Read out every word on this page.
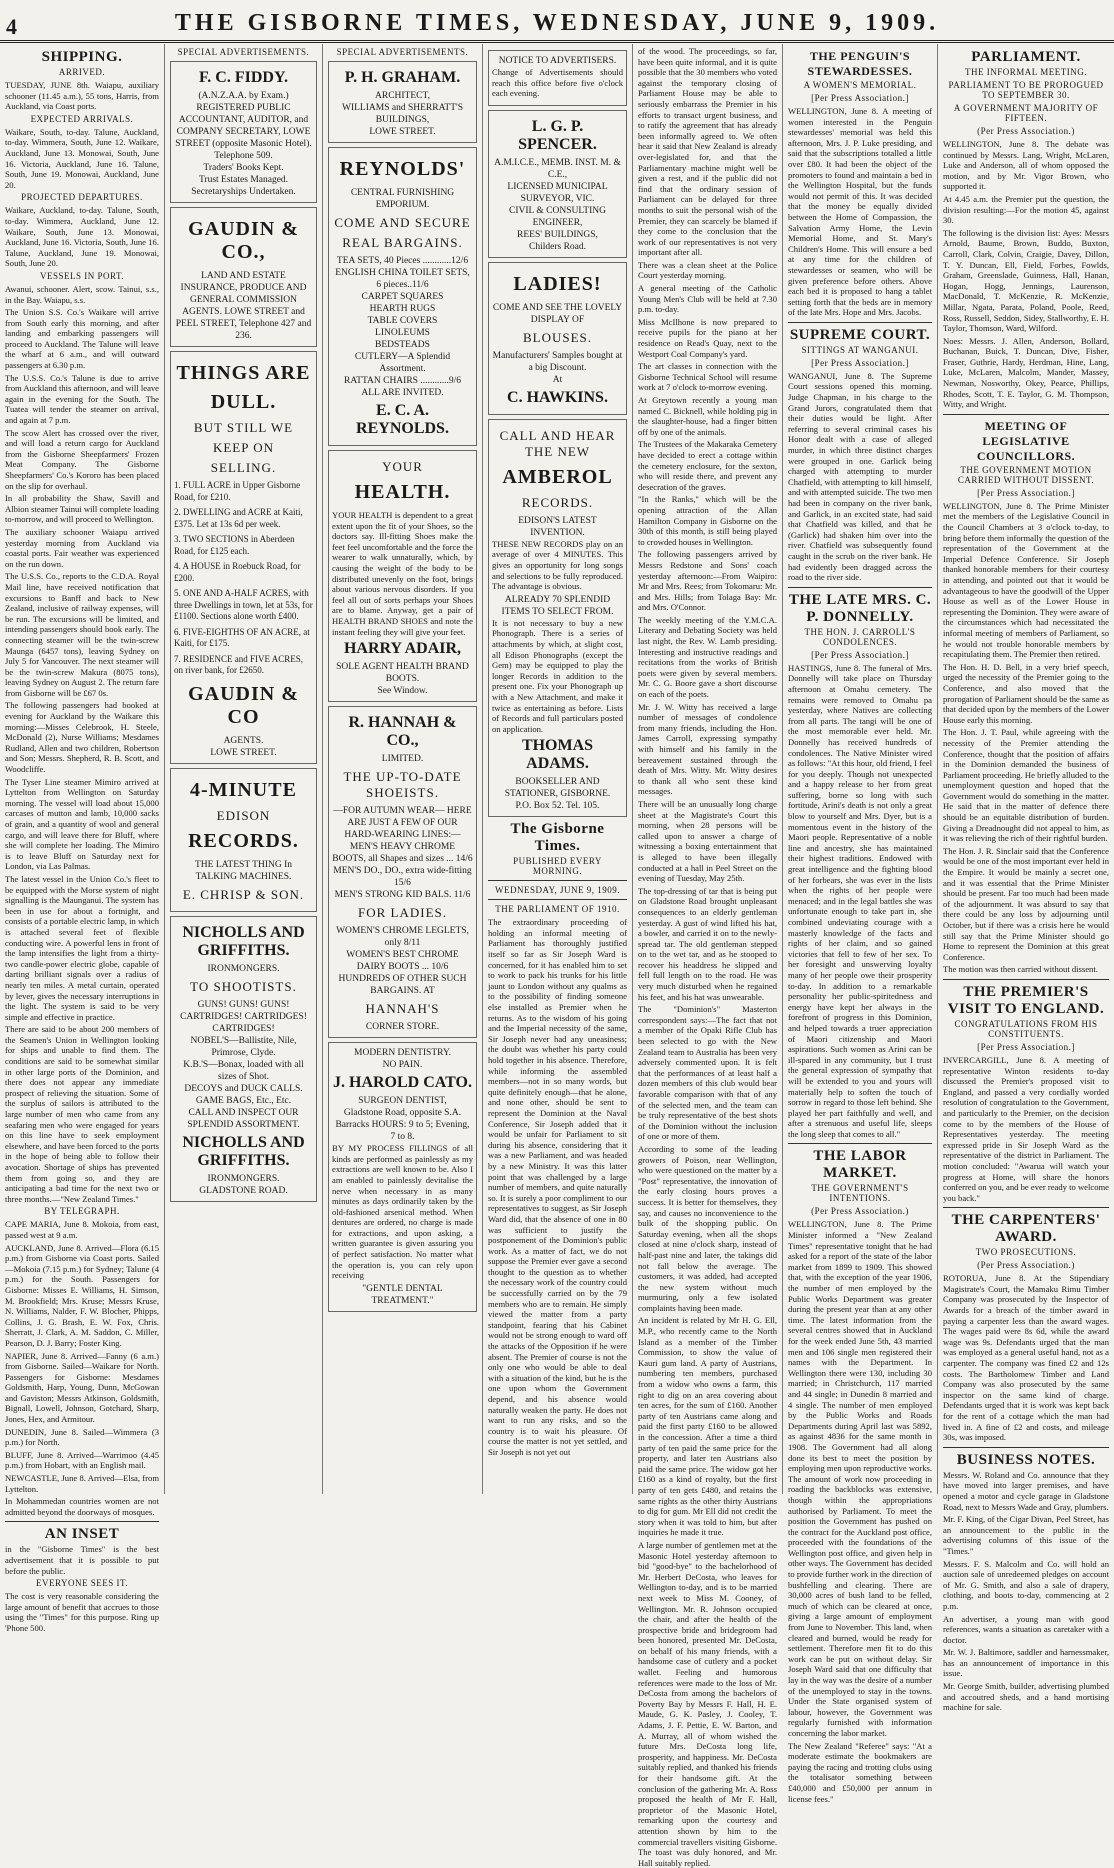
4	THE GISBORNE TIMES, WEDNESDAY, JUNE 9, 1909.
SHIPPING.
ARRIVED.

TUESDAY, JUNE 8th. Waiapu, auxiliary schooner (11.45 a.m.), 55 tons, Harris, from Auckland, via Coast ports.

EXPECTED ARRIVALS.

Waikare, South, to-day. Talune, Auckland, to-day. Wimmera, South, June 12. Waikare, Auckland, June 13. Monowai, South, June 16. Victoria, Auckland, June 16. Talune, South, June 19. Monowai, Auckland, June 20.

PROJECTED DEPARTURES.

Waikare, Auckland, to-day. Talune, South, to-day. Wimmera, Auckland, June 12. Waikare, South, June 13. Monowai, Auckland, June 16. Victoria, South, June 16. Talune, Auckland, June 19. Monowai, South, June 20.

VESSELS IN PORT.

Awanui, schooner. Alert, scow. Tainui, s.s., in the Bay. Waiapu, s.s.

The Union S.S. Co.'s Waikare will arrive from South early this morning, and after landing and embarking passengers will proceed to Auckland. The Talune will leave the wharf at 6 a.m., and will outward passengers at 6.30 p.m.

The U.S.S. Co.'s Talune is due to arrive from Auckland this afternoon, and will leave again in the evening for the South. The Tuatea will tender the steamer on arrival, and again at 7 p.m.

The scow Alert has crossed over the river, and will load a return cargo for Auckland from the Gisborne Sheepfarmers' Frozen Meat Company. The Gisborne Sheepfarmers' Co.'s Kororo has been placed on the slip for overhaul.

In all probability the Shaw, Savill and Albion steamer Tainui will complete loading to-morrow, and will proceed to Wellington.

The auxiliary schooner Waiapu arrived yesterday morning from Auckland via coastal ports. Fair weather was experienced on the run down.

The U.S.S. Co., reports to the C.D.A. Royal Mail line, have received notification that excursions to Banff and back to New Zealand, inclusive of railway expenses, will be run. The excursions will be limited, and intending passengers should book early. The connecting steamer will be the twin-screw Maunga (6457 tons), leaving Sydney on July 5 for Vancouver. The next steamer will be the twin-screw Makura (8075 tons), leaving Sydney on August 2. The return fare from Gisborne will be £67 0s.

The following passengers had booked at evening for Auckland by the Waikare this morning:—Misses Celebrook, H. Steele, McDonald (2), Nurse Williams; Mesdames Rudland, Allen and two children, Robertson and Son; Messrs. Shepherd, R. B. Scott, and Woodcliffe.

The Tyser Line steamer Mimiro arrived at Lyttelton from Wellington on Saturday morning. The vessel will load about 15,000 carcases of mutton and lamb, 10,000 sacks of grain, and a quantity of wool and general cargo, and will leave there for Bluff, where she will complete her loading. The Mimiro is to leave Bluff on Saturday next for London, via Las Palmas.

The latest vessel in the Union Co.'s fleet to be equipped with the Morse system of night signalling is the Maunganui. The system has been in use for about a fortnight, and consists of a portable electric lamp, in which is attached several feet of flexible conducting wire. A powerful lens in front of the lamp intensifies the light from a thirty-two candle-power electric globe, capable of darting brilliant signals over a radius of nearly ten miles. A metal curtain, operated by lever, gives the necessary interruptions in the light. The system is said to be very simple and effective in practice.

There are said to be about 200 members of the Seamen's Union in Wellington looking for ships and unable to find them. The conditions are said to be somewhat similar in other large ports of the Dominion, and there does not appear any immediate prospect of relieving the situation. Some of the surplus of sailors is attributed to the large number of men who came from any seafaring men who were engaged for years on this line have to seek employment elsewhere, and have been forced to the ports in the hope of being able to follow their avocation. Shortage of ships has prevented them from going so, and they are anticipating a bad time for the next two or three months.—"New Zealand Times."

BY TELEGRAPH.

CAPE MARIA, June 8. Mokoia, from east, passed west at 9 a.m.

AUCKLAND, June 8. Arrived—Flora (6.15 p.m.) from Gisborne via Coast ports. Sailed—Mokoia (7.15 p.m.) for Sydney; Talune (4 p.m.) for the South. Passengers for Gisborne: Misses E. Williams, H. Simson, M. Brookfield; Mrs. Kruse; Messrs Kruse, N. Williams, Nalder, F. W. Blocher, Phipps, Collins, J. G. Brash, E. W. Fox, Chris. Sherratt, J. Clark, A. M. Saddon, C. Miller, Pearson, D. J. Barry; Foster King.

NAPIER, June 8. Arrived—Fanny (6 a.m.) from Gisborne. Sailed—Waikare for North. Passengers for Gisborne: Mesdames Goldsmith, Harp, Young, Dunn, McGowan and Gaviston; Messrs Atkinson, Goldsmith, Bignall, Lowell, Johnson, Gotchard, Sharp, Jones, Hex, and Armitour.

DUNEDIN, June 8. Sailed—Wimmera (3 p.m.) for North.

BLUFF, June 8. Arrived—Warrimoo (4.45 p.m.) from Hobart, with an English mail.

NEWCASTLE, June 8. Arrived—Elsa, from Lyttelton.

In Mohammedan countries women are not admitted beyond the doorways of mosques.

AN INSET

in the "Gisborne Times" is the best advertisement that it is possible to put before the public.

EVERYONE SEES IT.

The cost is very reasonable considering the large amount of benefit that accrues to those using the "Times" for this purpose. Ring up 'Phone 500.

SPECIAL ADVERTISEMENTS.
F. C. FIDDY.
(A.N.Z.A.A. by Exam.)
REGISTERED PUBLIC ACCOUNTANT, AUDITOR, and COMPANY SECRETARY, LOWE STREET (opposite Masonic Hotel). Telephone 509.
Traders' Books Kept.
Trust Estates Managed.
Secretaryships Undertaken.
GAUDIN & CO.,
LAND AND ESTATE INSURANCE, PRODUCE AND GENERAL COMMISSION AGENTS. LOWE STREET and PEEL STREET, Telephone 427 and 236.
THINGS ARE
DULL.
BUT STILL WE
KEEP ON
SELLING.
1. FULL ACRE in Upper Gisborne Road, for £210.
2. DWELLING and ACRE at Kaiti, £375. Let at 13s 6d per week.
3. TWO SECTIONS in Aberdeen Road, for £125 each.
4. A HOUSE in Roebuck Road, for £200.
5. ONE AND A-HALF ACRES, with three Dwellings in town, let at 53s, for £1100. Sections alone worth £400.
6. FIVE-EIGHTHS OF AN ACRE, at Kaiti, for £175.
7. RESIDENCE and FIVE ACRES, on river bank, for £2650.
GAUDIN & CO
AGENTS.
LOWE STREET.
4-MINUTE
EDISON
RECORDS.
THE LATEST THING In TALKING MACHINES.
E. CHRISP & SON.
NICHOLLS AND GRIFFITHS.
IRONMONGERS.
TO SHOOTISTS.
GUNS! GUNS! GUNS!
CARTRIDGES! CARTRIDGES! CARTRIDGES!
NOBEL'S—Ballistite, Nile, Primrose, Clyde.
K.B.'S—Bonax, loaded with all sizes of Shot.
DECOYS and DUCK CALLS.
GAME BAGS, Etc., Etc.
CALL AND INSPECT OUR SPLENDID ASSORTMENT.
NICHOLLS AND GRIFFITHS.
IRONMONGERS.
GLADSTONE ROAD.
SPECIAL ADVERTISEMENTS.
P. H. GRAHAM.
ARCHITECT,
WILLIAMS and SHERRATT'S BUILDINGS,
LOWE STREET.
REYNOLDS'
CENTRAL FURNISHING EMPORIUM.
COME AND SECURE
REAL BARGAINS.
TEA SETS, 40 Pieces ............12/6
ENGLISH CHINA TOILET SETS, 6 pieces..11/6
CARPET SQUARES
HEARTH RUGS
TABLE COVERS
LINOLEUMS
BEDSTEADS
CUTLERY—A Splendid Assortment.
RATTAN CHAIRS ............9/6
ALL ARE INVITED.
E. C. A. REYNOLDS.
YOUR
HEALTH.

YOUR HEALTH is dependent to a great extent upon the fit of your Shoes, so the doctors say. Ill-fitting Shoes make the feet feel uncomfortable and the force the wearer to walk unnaturally, which, by causing the weight of the body to be distributed unevenly on the foot, brings about various nervous disorders. If you feel all out of sorts perhaps your Shoes are to blame. Anyway, get a pair of HEALTH BRAND SHOES and note the instant feeling they will give your feet.

HARRY ADAIR,
SOLE AGENT HEALTH BRAND BOOTS.
See Window.
R. HANNAH & CO.,
LIMITED.
THE UP-TO-DATE SHOEISTS.
—FOR AUTUMN WEAR— HERE ARE JUST A FEW OF OUR HARD-WEARING LINES:—
MEN'S HEAVY CHROME BOOTS, all Shapes and sizes ... 14/6
MEN'S DO., DO., extra wide-fitting 15/6
MEN'S STRONG KID BALS. 11/6
FOR LADIES.
WOMEN'S CHROME LEGLETS, only 8/11
WOMEN'S BEST CHROME DAIRY BOOTS ... 10/6
HUNDREDS OF OTHER SUCH BARGAINS. AT
HANNAH'S
CORNER STORE.
MODERN DENTISTRY.
NO PAIN.
J. HAROLD CATO.
SURGEON DENTIST,
Gladstone Road, opposite S.A. Barracks HOURS: 9 to 5; Evening, 7 to 8.

BY MY PROCESS FILLINGS of all kinds are performed as painlessly as my extractions are well known to be. Also I am enabled to painlessly devitalise the nerve when necessary in as many minutes as days ordinarily taken by the old-fashioned arsenical method. When dentures are ordered, no charge is made for extractions, and upon asking, a written guarantee is given assuring you of perfect satisfaction. No matter what the operation is, you can rely upon receiving

"GENTLE DENTAL TREATMENT."
NOTICE TO ADVERTISERS.

Change of Advertisements should reach this office before five o'clock each evening.

L. G. P. SPENCER.
A.M.I.C.E., MEMB. INST. M. & C.E.,
LICENSED MUNICIPAL SURVEYOR, VIC.
CIVIL & CONSULTING ENGINEER,
REES' BUILDINGS,
Childers Road.
LADIES!
COME AND SEE THE LOVELY DISPLAY OF
BLOUSES.
Manufacturers' Samples bought at a big Discount.
At
C. HAWKINS.
CALL AND HEAR THE NEW
AMBEROL
RECORDS.
EDISON'S LATEST INVENTION.

THESE NEW RECORDS play on an average of over 4 MINUTES. This gives an opportunity for long songs and selections to be fully reproduced. The advantage is obvious.

ALREADY 70 SPLENDID ITEMS TO SELECT FROM.

It is not necessary to buy a new Phonograph. There is a series of attachments by which, at slight cost, all Edison Phonographs (except the Gem) may be equipped to play the longer Records in addition to the present one. Fix your Phonograph up with a New Attachment, and make it twice as entertaining as before. Lists of Records and full particulars posted on application.

THOMAS ADAMS.
BOOKSELLER AND STATIONER, GISBORNE.
P.O. Box 52. Tel. 105.
The Gisborne Times.
PUBLISHED EVERY MORNING.
WEDNESDAY, JUNE 9, 1909.
THE PARLIAMENT OF 1910.

The extraordinary proceeding of holding an informal meeting of Parliament has thoroughly justified itself so far as Sir Joseph Ward is concerned, for it has enabled him to set to work to pack his trunks for his little jaunt to London without any qualms as to the possibility of finding someone else installed as Premier when he returns. As to the wisdom of his going and the Imperial necessity of the same, Sir Joseph never had any uneasiness; the doubt was whether his party could hold together in his absence. Therefore, while informing the assembled members—not in so many words, but quite definitely enough—that he alone, and none other, should be sent to represent the Dominion at the Naval Conference, Sir Joseph added that it would be unfair for Parliament to sit during his absence, considering that it was a new Parliament, and was headed by a new Ministry. It was this latter point that was challenged by a large number of members, and quite naturally so. It is surely a poor compliment to our representatives to suggest, as Sir Joseph Ward did, that the absence of one in 80 was sufficient to justify the postponement of the Dominion's public work. As a matter of fact, we do not suppose the Premier ever gave a second thought to the question as to whether the necessary work of the country could be successfully carried on by the 79 members who are to remain. He simply viewed the matter from a party standpoint, fearing that his Cabinet would not be strong enough to ward off the attacks of the Opposition if he were absent. The Premier of course is not the only one who would be able to deal with a situation of the kind, but he is the one upon whom the Government depend, and his absence would naturally weaken the party. He does not want to run any risks, and so the country is to wait his pleasure. Of course the matter is not yet settled, and Sir Joseph is not yet out

of the wood. The proceedings, so far, have been quite informal, and it is quite possible that the 30 members who voted against the temporary closing of Parliament House may be able to seriously embarrass the Premier in his efforts to transact urgent business, and to ratify the agreement that has already been informally agreed to. We often hear it said that New Zealand is already over-legislated for, and that the Parliamentary machine might well be given a rest, and if the public did not find that the ordinary session of Parliament can be delayed for three months to suit the personal wish of the Premier, they can scarcely be blamed if they come to the conclusion that the work of our representatives is not very important after all.

There was a clean sheet at the Police Court yesterday morning.

A general meeting of the Catholic Young Men's Club will be held at 7.30 p.m. to-day.

Miss McIlhone is now prepared to receive pupils for the piano at her residence on Read's Quay, next to the Westport Coal Company's yard.

The art classes in connection with the Gisborne Technical School will resume work at 7 o'clock to-morrow evening.

At Greytown recently a young man named C. Bicknell, while holding pig in the slaughter-house, had a finger bitten off by one of the animals.

The Trustees of the Makaraka Cemetery have decided to erect a cottage within the cemetery enclosure, for the sexton, who will reside there, and prevent any desecration of the graves.

"In the Ranks," which will be the opening attraction of the Allan Hamilton Company in Gisborne on the 30th of this month, is still being played to crowded houses in Wellington.

The following passengers arrived by Messrs Redstone and Sons' coach yesterday afternoon:—From Waipiro: Mr and Mrs. Rees; from Tokomaru: Mr. and Mrs. Hills; from Tolaga Bay: Mr. and Mrs. O'Connor.

The weekly meeting of the Y.M.C.A. Literary and Debating Society was held last night, the Rev. W. Lamb presiding. Interesting and instructive readings and recitations from the works of British poets were given by several members. Mr. C. G. Boore gave a short discourse on each of the poets.

Mr. J. W. Witty has received a large number of messages of condolence from many friends, including the Hon. James Carroll, expressing sympathy with himself and his family in the bereavement sustained through the death of Mrs. Witty. Mr. Witty desires to thank all who sent these kind messages.

There will be an unusually long charge sheet at the Magistrate's Court this morning, when 28 persons will be called upon to answer a charge of witnessing a boxing entertainment that is alleged to have been illegally conducted at a hall in Peel Street on the evening of Tuesday, May 25th.

The top-dressing of tar that is being put on Gladstone Road brought unpleasant consequences to an elderly gentleman yesterday. A gust of wind lifted his hat, a bowler, and carried it on to the newly-spread tar. The old gentleman stepped on to the wet tar, and as he stooped to recover his headdress he slipped and fell full length on to the road. He was very much disturbed when he regained his feet, and his hat was unwearable.

The "Dominion's" Masterton correspondent says:—The fact that not a member of the Opaki Rifle Club has been selected to go with the New Zealand team to Australia has been very adversely commented upon. It is felt that the performances of at least half a dozen members of this club would bear favorable comparison with that of any of the selected men, and the team can be truly representative of the best shots of the Dominion without the inclusion of one or more of them.

According to some of the leading growers of Poison, near Wellington, who were questioned on the matter by a "Post" representative, the innovation of the early closing hours proves a success. It is better for themselves, they say, and causes no inconvenience to the bulk of the shopping public. On Saturday evening, when all the shops closed at nine o'clock sharp, instead of half-past nine and later, the takings did not fall below the average. The customers, it was added, had accepted the new system without much murmuring, only a few isolated complaints having been made.

An incident is related by Mr H. G. Ell, M.P., who recently came to the North Island as a member of the Timber Commission, to show the value of Kauri gum land. A party of Austrians, numbering ten members, purchased from a widow who owns a farm, this right to dig on an area covering about ten acres, for the sum of £160. Another party of ten Austrians came along and paid the first party £160 to be allowed in the concession. After a time a third party of ten paid the same price for the property, and later ten Austrians also paid the same price. The widow got her £160 as a kind of royalty, but the first party of ten gets £480, and retains the same rights as the other thirty Austrians to dig for gum. Mr Ell did not credit the story when it was told to him, but after inquiries he made it true.

A large number of gentlemen met at the Masonic Hotel yesterday afternoon to bid "good-bye" to the bachelorhood of Mr. Herbert DeCosta, who leaves for Wellington to-day, and is to be married next week to Miss M. Cooney, of Wellington. Mr. R. Johnson occupied the chair, and after the health of the prospective bride and bridegroom had been honored, presented Mr. DeCosta, on behalf of his many friends, with a handsome case of cutlery and a pocket wallet. Feeling and humorous references were made to the loss of Mr. DeCosta from among the bachelors of Poverty Bay by Messrs F. Hall, H. E. Maude, G. K. Pasley, J. Cooley, T. Adams, J. F. Pettie, E. W. Barton, and A. Murray, all of whom wished the future Mrs. DeCosta long life, prosperity, and happiness. Mr. DeCosta suitably replied, and thanked his friends for their handsome gift. At the conclusion of the gathering Mr. A. Ross proposed the health of Mr F. Hall, proprietor of the Masonic Hotel, remarking upon the courtesy and attention shown by him to the commercial travellers visiting Gisborne. The toast was duly honored, and Mr. Hall suitably replied.

THE PENGUIN'S STEWARDESSES.
A WOMEN'S MEMORIAL.
[Per Press Association.]

WELLINGTON, June 8. A meeting of women interested in the Penguin stewardesses' memorial was held this afternoon, Mrs. J. P. Luke presiding, and said that the subscriptions totalled a little over £80. It had been the object of the promoters to found and maintain a bed in the Wellington Hospital, but the funds would not permit of this. It was decided that the money be equally divided between the Home of Compassion, the Salvation Army Home, the Levin Memorial Home, and St. Mary's Children's Home. This will ensure a bed at any time for the children of stewardesses or seamen, who will be given preference before others. Above each bed it is proposed to hang a tablet setting forth that the beds are in memory of the late Mrs. Hope and Mrs. Jacobs.

SUPREME COURT.
SITTINGS AT WANGANUI.
[Per Press Association.]

WANGANUI, June 8. The Supreme Court sessions opened this morning. Judge Chapman, in his charge to the Grand Jurors, congratulated them that their duties would be light. After referring to several criminal cases his Honor dealt with a case of alleged murder, in which three distinct charges were grouped in one. Garlick being charged with attempting to murder Chatfield, with attempting to kill himself, and with attempted suicide. The two men had been in company on the river bank, and Garlick, in an excited state, had said that Chatfield was killed, and that he (Garlick) had shaken him over into the river. Chatfield was subsequently found caught in the scrub on the river bank. He had evidently been dragged across the road to the river side.

THE LATE MRS. C. P. DONNELLY.
THE HON. J. CARROLL'S CONDOLENCES.
[Per Press Association.]

HASTINGS, June 8. The funeral of Mrs. Donnelly will take place on Thursday afternoon at Omahu cemetery. The remains were removed to Omahu pa yesterday, where Natives are collecting from all parts. The tangi will be one of the most memorable ever held. Mr. Donnelly has received hundreds of condolences. The Native Minister wired as follows: "At this hour, old friend, I feel for you deeply. Though not unexpected and a happy release to her from great suffering, borne so long with such fortitude, Arini's death is not only a great blow to yourself and Mrs. Dyer, but is a momentous event in the history of the Maori people. Representative of a noble line and ancestry, she has maintained their highest traditions. Endowed with great intelligence and the fighting blood of her forbears, she was ever in the lists when the rights of her people were menaced; and in the legal battles she was unfortunate enough to take part in, she combined undeviating courage with a masterly knowledge of the facts and rights of her claim, and so gained victories that fell to few of her sex. To her foresight and unswerving loyalty many of her people owe their prosperity to-day. In addition to a remarkable personality her public-spiritedness and energy have kept her always in the forefront of progress in this Dominion, and helped towards a truer appreciation of Maori citizenship and Maori aspirations. Such women as Arini can be ill-spared in any community, but I trust the general expression of sympathy that will be extended to you and yours will materially help to soften the touch of sorrow in regard to those left behind. She played her part faithfully and well, and after a strenuous and useful life, sleeps the long sleep that comes to all."

THE LABOR MARKET.
THE GOVERNMENT'S INTENTIONS.
(Per Press Association.)

WELLINGTON, June 8. The Prime Minister informed a "New Zealand Times" representative tonight that he had asked for a report of the state of the labor market from 1899 to 1909. This showed that, with the exception of the year 1906, the number of men employed by the Public Works Department was greater during the present year than at any other time. The latest information from the several centres showed that in Auckland for the week ended June 5th, 43 married men and 106 single men registered their names with the Department. In Wellington there were 130, including 30 married; in Christchurch, 117 married and 44 single; in Dunedin 8 married and 4 single. The number of men employed by the Public Works and Roads Departments during April last was 5892, as against 4836 for the same month in 1908. The Government had all along done its best to meet the position by employing men upon reproductive works. The amount of work now proceeding in roading the backblocks was extensive, though within the appropriations authorised by Parliament. To meet the position the Government has pushed on the contract for the Auckland post office, proceeded with the foundations of the Wellington post office, and given help in other ways. The Government has decided to provide further work in the direction of bushfelling and clearing. There are 30,000 acres of bush land to be felled, much of which can be cleared at once, giving a large amount of employment from June to November. This land, when cleared and burned, would be ready for settlement. Therefore men fit to do this work can be put on without delay. Sir Joseph Ward said that one difficulty that lay in the way was the desire of a number of the unemployed to stay in the towns. Under the State organised system of labour, however, the Government was regularly furnished with information concerning the labor market.

The New Zealand "Referee" says: "At a moderate estimate the bookmakers are paying the racing and trotting clubs using the totalisator something between £40,000 and £50,000 per annum in license fees."

PARLIAMENT.
THE INFORMAL MEETING.
PARLIAMENT TO BE PROROGUED TO SEPTEMBER 30.
A GOVERNMENT MAJORITY OF FIFTEEN.
(Per Press Association.)

WELLINGTON, June 8. The debate was continued by Messrs. Lang, Wright, McLaren, Luke and Anderson, all of whom opposed the motion, and by Mr. Vigor Brown, who supported it.

At 4.45 a.m. the Premier put the question, the division resulting:—For the motion 45, against 30.

The following is the division list: Ayes: Messrs Arnold, Baume, Brown, Buddo, Buxton, Carroll, Clark, Colvin, Craigie, Davey, Dillon, T. Y. Duncan, Ell, Field, Forbes, Fowlds, Graham, Greenslade, Guinness, Hall, Hanan, Hogan, Hogg, Jennings, Laurenson, MacDonald, T. McKenzie, R. McKenzie, Millar, Ngata, Parata, Poland, Poole, Reed, Ross, Russell, Seddon, Sidey, Stallworthy, E. H. Taylor, Thomson, Ward, Wilford.

Noes: Messrs. J. Allen, Anderson, Bollard, Buchanan, Buick, T. Duncan, Dive, Fisher, Fraser, Guthrie, Hardy, Herdman, Hine, Lang, Luke, McLaren, Malcolm, Mander, Massey, Newman, Nosworthy, Okey, Pearce, Phillips, Rhodes, Scott, T. E. Taylor, G. M. Thompson, Witty, and Wright.

MEETING OF LEGISLATIVE COUNCILLORS.
THE GOVERNMENT MOTION CARRIED WITHOUT DISSENT.
[Per Press Association.]

WELLINGTON, June 8. The Prime Minister met the members of the Legislative Council in the Council Chambers at 3 o'clock to-day, to bring before them informally the question of the representation of the Government at the Imperial Defence Conference. Sir Joseph thanked honorable members for their courtesy in attending, and pointed out that it would be advantageous to have the goodwill of the Upper House as well as of the Lower House in representing the Dominion. They were aware of the circumstances which had necessitated the informal meeting of members of Parliament, so he would not trouble honorable members by recapitulating them. The Premier then retired.

The Hon. H. D. Bell, in a very brief speech, urged the necessity of the Premier going to the Conference, and also moved that the prorogation of Parliament should be the same as that decided upon by the members of the Lower House early this morning.

The Hon. J. T. Paul, while agreeing with the necessity of the Premier attending the Conference, thought that the position of affairs in the Dominion demanded the business of Parliament proceeding. He briefly alluded to the unemployment question and hoped that the Government would do something in the matter. He said that in the matter of defence there should be an equitable distribution of burden. Giving a Dreadnought did not appeal to him, as it was relieving the rich of their rightful burden.

The Hon. J. R. Sinclair said that the Conference would be one of the most important ever held in the Empire. It would be mainly a secret one, and it was essential that the Prime Minister should be present. Far too much had been made of the adjournment. It was absurd to say that there could be any loss by adjourning until October, but if there was a crisis here he would still say that the Prime Minister should go Home to represent the Dominion at this great Conference.

The motion was then carried without dissent.

THE PREMIER'S VISIT TO ENGLAND.
CONGRATULATIONS FROM HIS CONSTITUENTS.
[Per Press Association.]

INVERCARGILL, June 8. A meeting of representative Winton residents to-day discussed the Premier's proposed visit to England, and passed a very cordially worded resolution of congratulation to the Government, and particularly to the Premier, on the decision come to by the members of the House of Representatives yesterday. The meeting expressed pride in Sir Joseph Ward as the representative of the district in Parliament. The motion concluded: "Awarua will watch your progress at Home, will share the honors conferred on you, and be ever ready to welcome you back."

THE CARPENTERS' AWARD.
TWO PROSECUTIONS.
(Per Press Association.)

ROTORUA, June 8. At the Stipendiary Magistrate's Court, the Mamaku Rimu Timber Company was prosecuted by the Inspector of Awards for a breach of the timber award in paying a carpenter less than the award wages. The wages paid were 8s 6d, while the award wage was 9s. Defendants urged that the man was employed as a general useful hand, not as a carpenter. The company was fined £2 and 12s costs. The Bartholomew Timber and Land Company was also prosecuted by the same inspector on the same kind of charge. Defendants urged that it is work was kept back for the rent of a cottage which the man had lived in. A fine of £2 and costs, and mileage 30s, was imposed.

BUSINESS NOTES.

Messrs. W. Roland and Co. announce that they have moved into larger premises, and have opened a motor and cycle garage in Gladstone Road, next to Messrs Wade and Gray, plumbers.

Mr. F. King, of the Cigar Divan, Peel Street, has an announcement to the public in the advertising columns of this issue of the "Times."

Messrs. F. S. Malcolm and Co. will hold an auction sale of unredeemed pledges on account of Mr. G. Smith, and also a sale of drapery, clothing, and boots to-day, commencing at 2 p.m.

An advertiser, a young man with good references, wants a situation as caretaker with a doctor.

Mr. W. J. Baltimore, saddler and harnessmaker, has an announcement of importance in this issue.

Mr. George Smith, builder, advertising plumbed and accoutred sheds, and a hand mortising machine for sale.
